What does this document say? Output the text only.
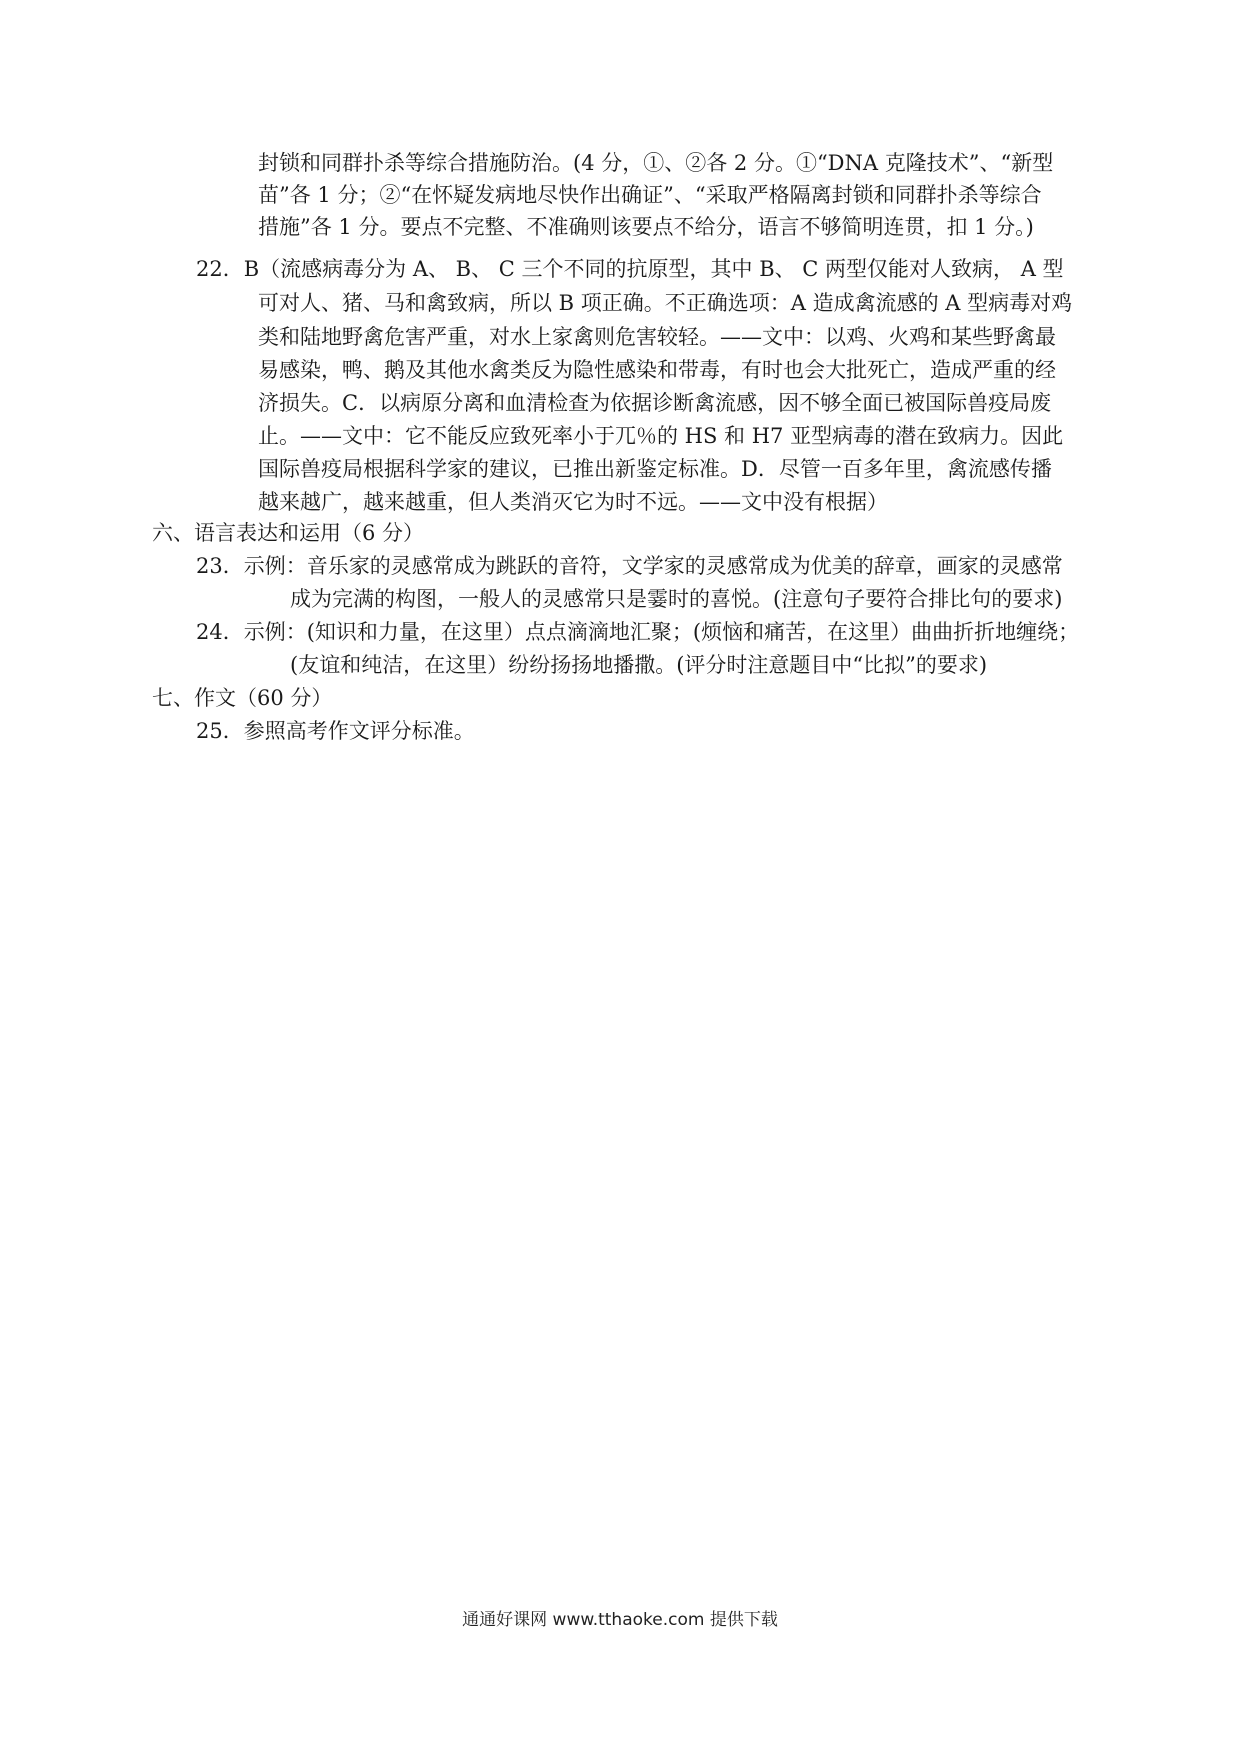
封锁和同群扑杀等综合措施防治。(4 分，①、②各 2 分。①“DNA 克隆技术”、“新型
苗”各 1 分；②“在怀疑发病地尽快作出确证”、“采取严格隔离封锁和同群扑杀等综合
措施”各 1 分。要点不完整、不准确则该要点不给分，语言不够简明连贯，扣 1 分。)
22．B（流感病毒分为 A、 B、 C 三个不同的抗原型，其中 B、 C 两型仅能对人致病， A 型
可对人、猪、马和禽致病，所以 B 项正确。不正确选项：A 造成禽流感的 A 型病毒对鸡
类和陆地野禽危害严重，对水上家禽则危害较轻。——文中：以鸡、火鸡和某些野禽最
易感染，鸭、鹅及其他水禽类反为隐性感染和带毒，有时也会大批死亡，造成严重的经
济损失。C．以病原分离和血清检查为依据诊断禽流感，因不够全面已被国际兽疫局废
止。——文中：它不能反应致死率小于兀％的 HS 和 H7 亚型病毒的潜在致病力。因此
国际兽疫局根据科学家的建议，已推出新鉴定标准。D．尽管一百多年里，禽流感传播
越来越广，越来越重，但人类消灭它为时不远。——文中没有根据）
六、语言表达和运用（6 分）
23．示例：音乐家的灵感常成为跳跃的音符，文学家的灵感常成为优美的辞章，画家的灵感常
成为完满的构图，一般人的灵感常只是霎时的喜悦。(注意句子要符合排比句的要求)
24．示例：(知识和力量，在这里）点点滴滴地汇聚；(烦恼和痛苦，在这里）曲曲折折地缠绕；
(友谊和纯洁，在这里）纷纷扬扬地播撒。(评分时注意题目中“比拟”的要求)
七、作文（60 分）
25．参照高考作文评分标准。
通通好课网 www.tthaoke.com 提供下载
